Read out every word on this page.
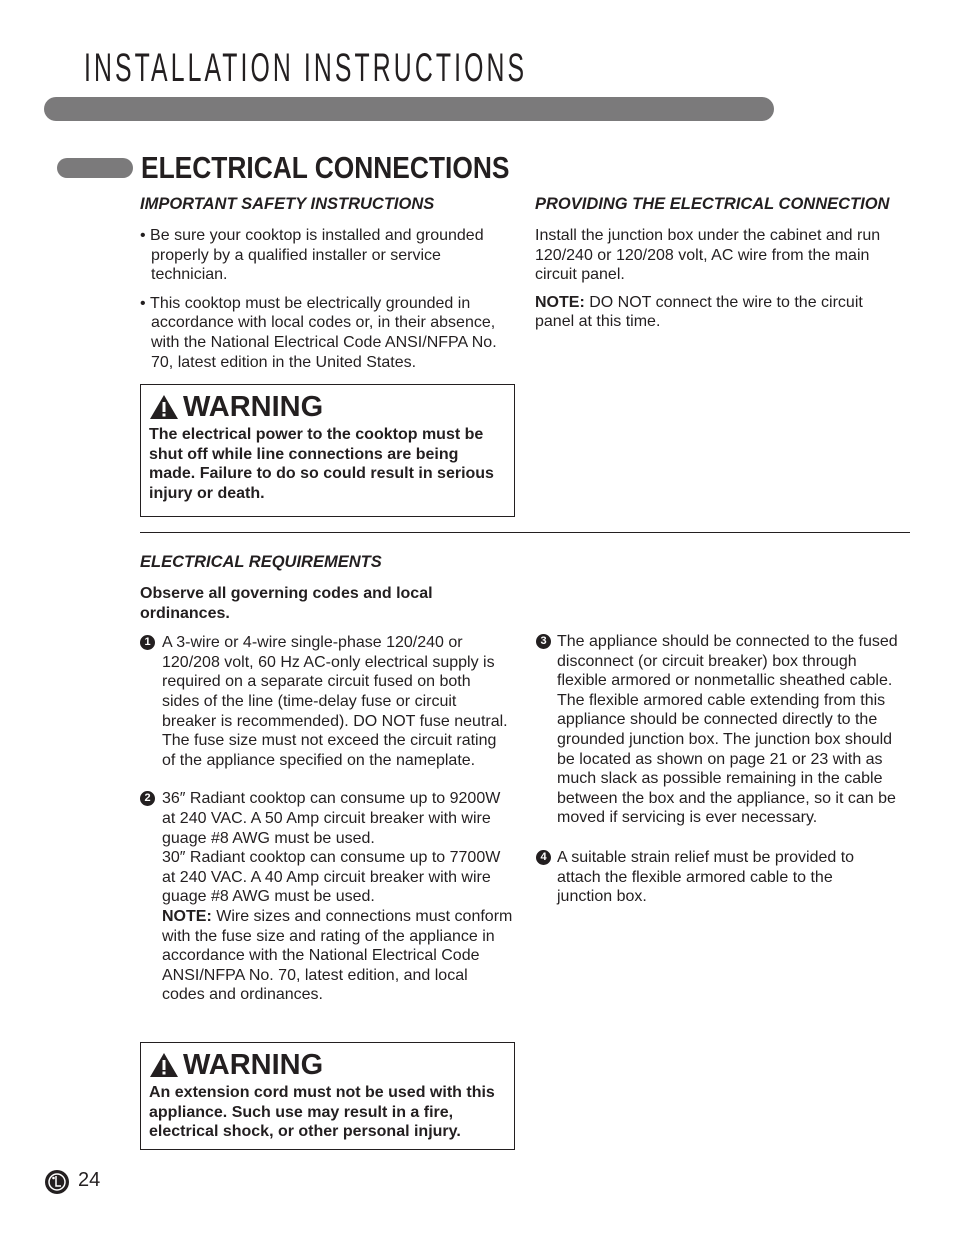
INSTALLATION INSTRUCTIONS
ELECTRICAL CONNECTIONS
IMPORTANT SAFETY INSTRUCTIONS

• Be sure your cooktop is installed and grounded properly by a qualified installer or service technician.

• This cooktop must be electrically grounded in accordance with local codes or, in their absence, with the National Electrical Code ANSI/NFPA No. 70, latest edition in the United States.

WARNING

The electrical power to the cooktop must be shut off while line connections are being made. Failure to do so could result in serious injury or death.

PROVIDING THE ELECTRICAL CONNECTION

Install the junction box under the cabinet and run 120/240 or 120/208 volt, AC wire from the main circuit panel.

NOTE: DO NOT connect the wire to the circuit panel at this time.

ELECTRICAL REQUIREMENTS

Observe all governing codes and local ordinances.

1 A 3-wire or 4-wire single-phase 120/240 or 120/208 volt, 60 Hz AC-only electrical supply is required on a separate circuit fused on both sides of the line (time-delay fuse or circuit breaker is recommended). DO NOT fuse neutral. The fuse size must not exceed the circuit rating of the appliance specified on the nameplate.

2 36″ Radiant cooktop can consume up to 9200W at 240 VAC. A 50 Amp circuit breaker with wire guage #8 AWG must be used.

30″ Radiant cooktop can consume up to 7700W at 240 VAC. A 40 Amp circuit breaker with wire guage #8 AWG must be used.

NOTE: Wire sizes and connections must conform with the fuse size and rating of the appliance in accordance with the National Electrical Code ANSI/NFPA No. 70, latest edition, and local codes and ordinances.

3 The appliance should be connected to the fused disconnect (or circuit breaker) box through flexible armored or nonmetallic sheathed cable. The flexible armored cable extending from this appliance should be connected directly to the grounded junction box. The junction box should be located as shown on page 21 or 23 with as much slack as possible remaining in the cable between the box and the appliance, so it can be moved if servicing is ever necessary.

4 A suitable strain relief must be provided to attach the flexible armored cable to the junction box.

WARNING

An extension cord must not be used with this appliance. Such use may result in a fire, electrical shock, or other personal injury.

24
